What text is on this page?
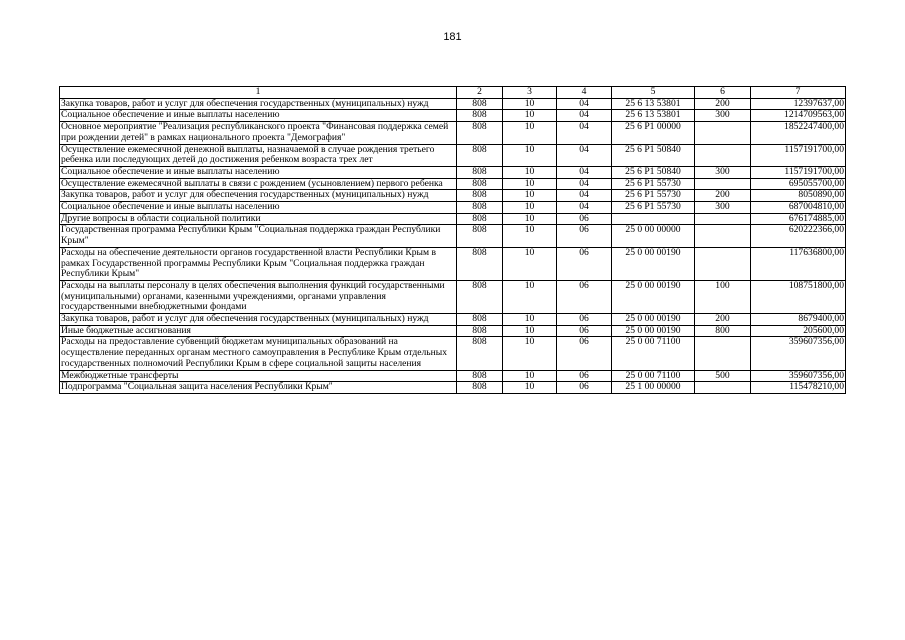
181
1	2	3	4	5	6	7
Закупка товаров, работ и услуг для обеспечения государственных (муниципальных) нужд	808	10	04	25 6 13 53801	200	12397637,00
Социальное обеспечение и иные выплаты населению	808	10	04	25 6 13 53801	300	1214709563,00
Основное мероприятие "Реализация республиканского проекта "Финансовая поддержка семей при рождении детей" в рамках национального проекта "Демография"	808	10	04	25 6 P1 00000		1852247400,00
Осуществление ежемесячной денежной выплаты, назначаемой в случае рождения третьего ребенка или последующих детей до достижения ребенком возраста трех лет	808	10	04	25 6 P1 50840		1157191700,00
Социальное обеспечение и иные выплаты населению	808	10	04	25 6 P1 50840	300	1157191700,00
Осуществление ежемесячной выплаты в связи с рождением (усыновлением) первого ребенка	808	10	04	25 6 P1 55730		695055700,00
Закупка товаров, работ и услуг для обеспечения государственных (муниципальных) нужд	808	10	04	25 6 P1 55730	200	8050890,00
Социальное обеспечение и иные выплаты населению	808	10	04	25 6 P1 55730	300	687004810,00
Другие вопросы в области социальной политики	808	10	06			676174885,00
Государственная программа Республики Крым "Социальная поддержка граждан Республики Крым"	808	10	06	25 0 00 00000		620222366,00
Расходы на обеспечение деятельности органов государственной власти Республики Крым в рамках Государственной программы Республики Крым "Социальная поддержка граждан Республики Крым"	808	10	06	25 0 00 00190		117636800,00
Расходы на выплаты персоналу в целях обеспечения выполнения функций государственными (муниципальными) органами, казенными учреждениями, органами управления государственными внебюджетными фондами	808	10	06	25 0 00 00190	100	108751800,00
Закупка товаров, работ и услуг для обеспечения государственных (муниципальных) нужд	808	10	06	25 0 00 00190	200	8679400,00
Иные бюджетные ассигнования	808	10	06	25 0 00 00190	800	205600,00
Расходы на предоставление субвенций бюджетам муниципальных образований на осуществление переданных органам местного самоуправления в Республике Крым отдельных государственных полномочий Республики Крым в сфере социальной защиты населения	808	10	06	25 0 00 71100		359607356,00
Межбюджетные трансферты	808	10	06	25 0 00 71100	500	359607356,00
Подпрограмма "Социальная защита населения Республики Крым"	808	10	06	25 1 00 00000		115478210,00
